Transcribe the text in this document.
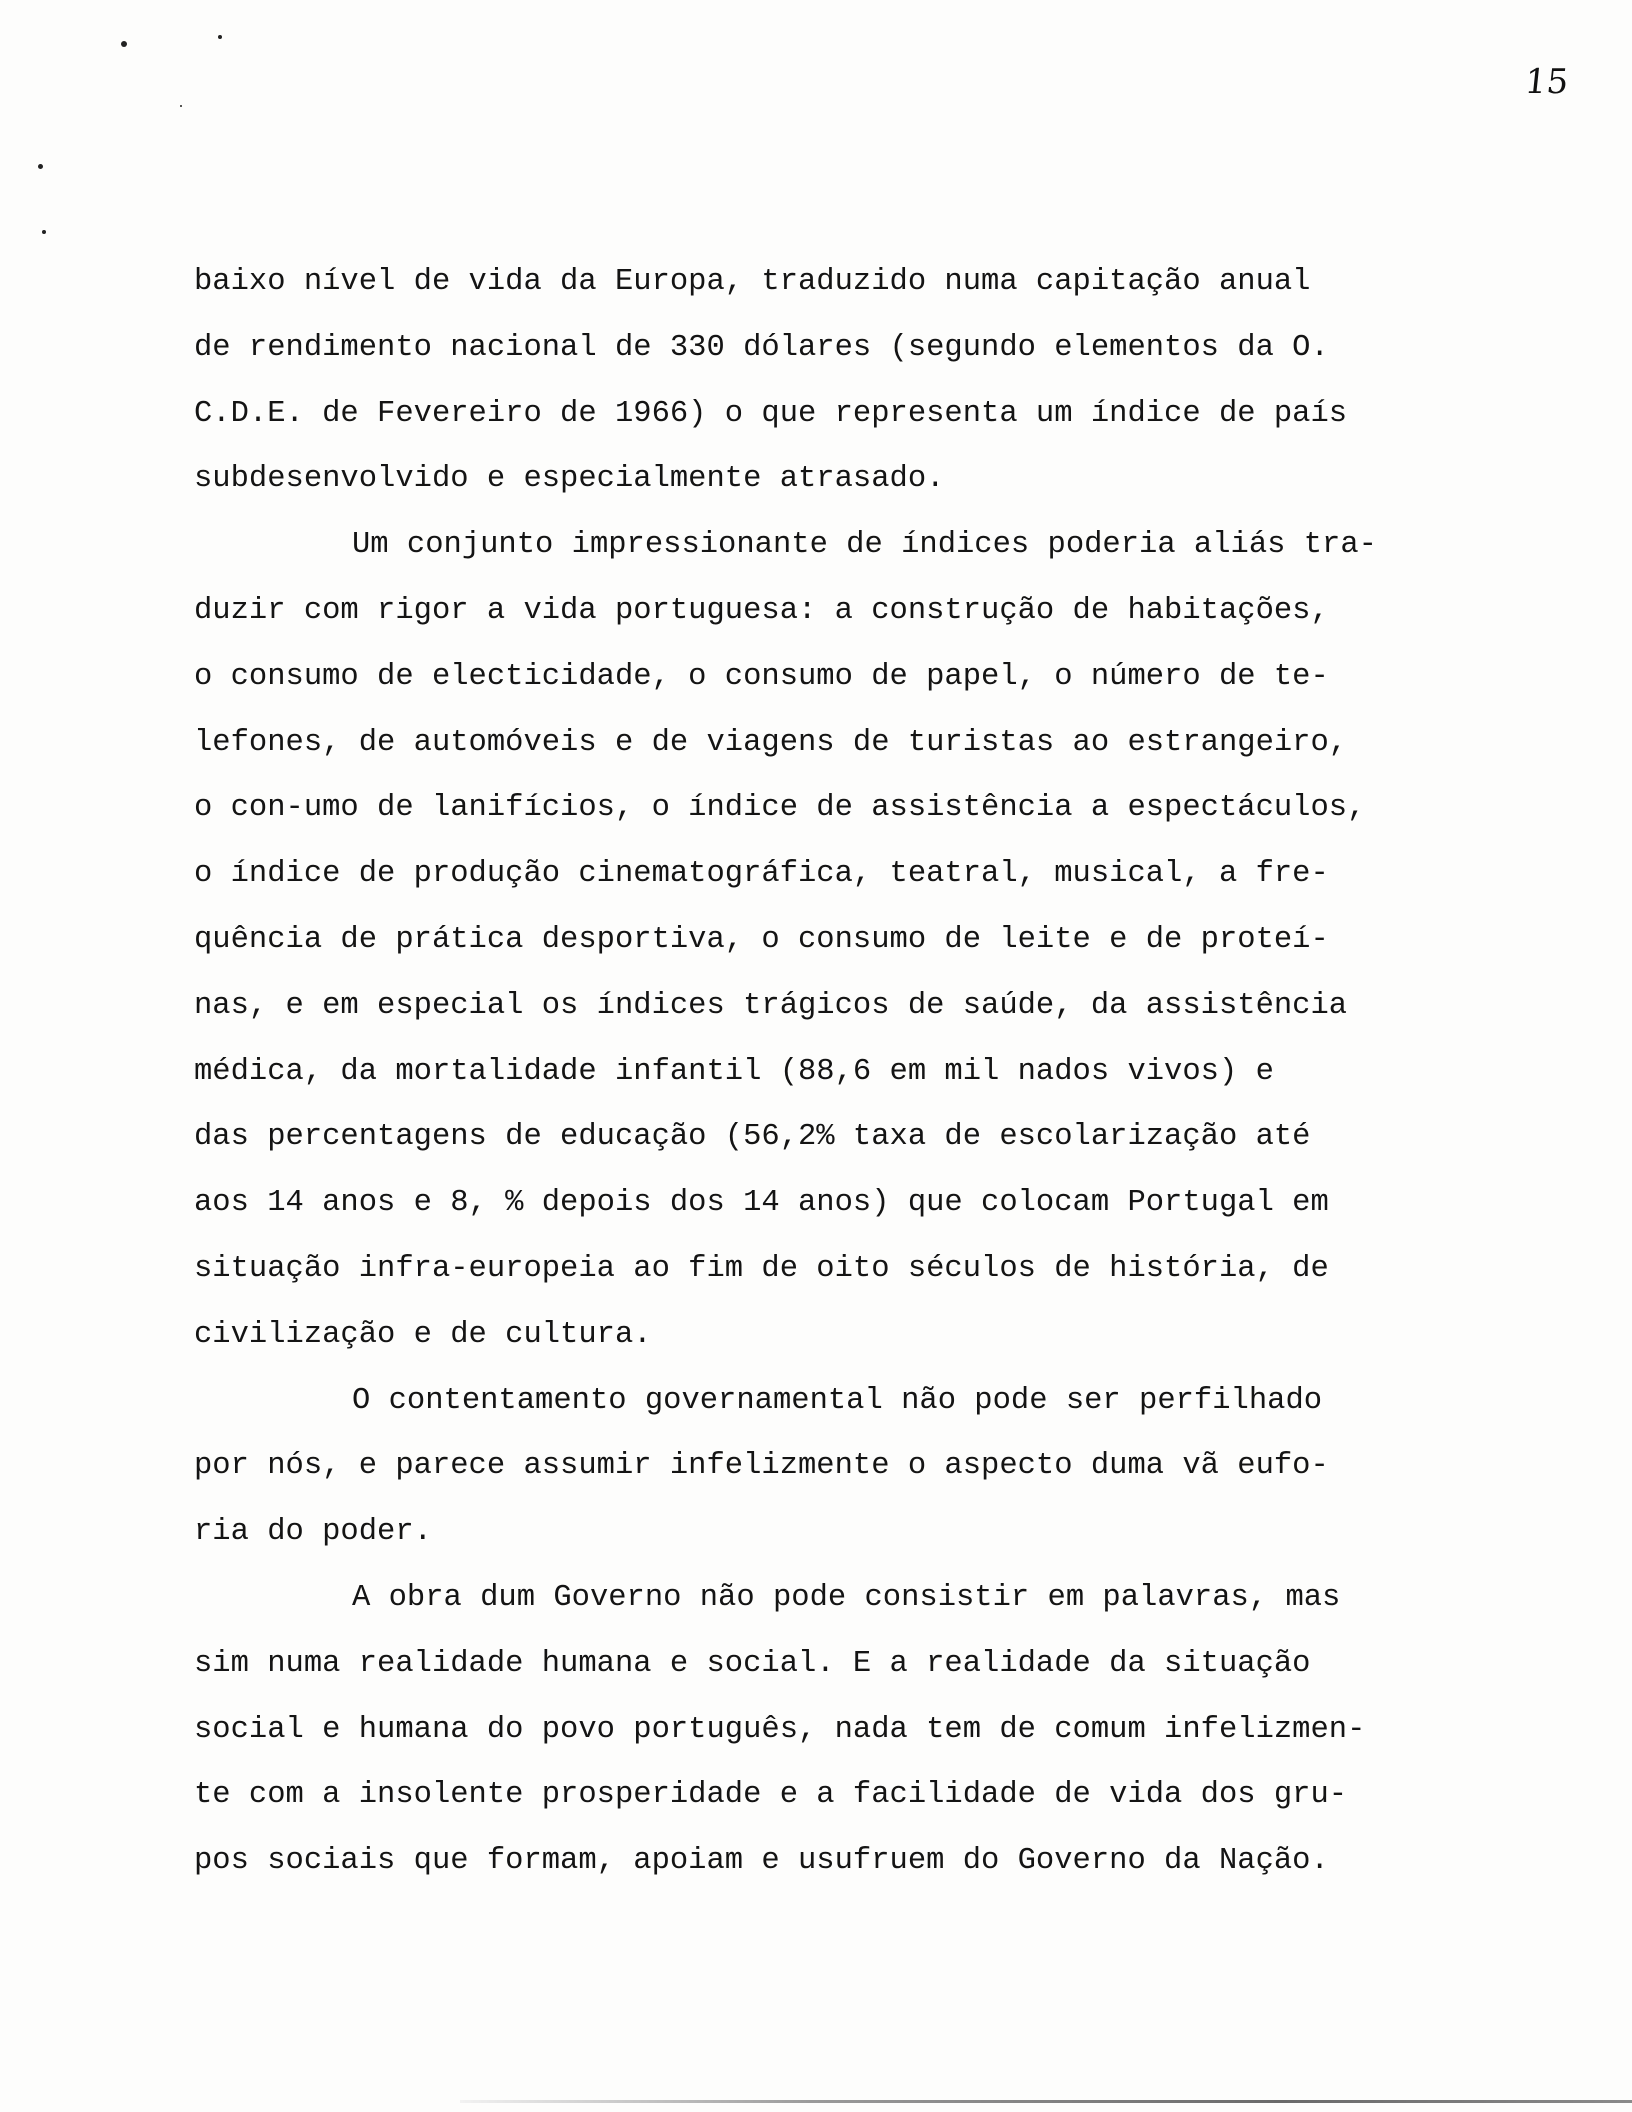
15
baixo nível de vida da Europa, traduzido numa capitação anual
de rendimento nacional de 330 dólares (segundo elementos da O.
C.D.E. de Fevereiro de 1966) o que representa um índice de país
subdesenvolvido e especialmente atrasado.
Um conjunto impressionante de índices poderia aliás tra-
duzir com rigor a vida portuguesa: a construção de habitações,
o consumo de electicidade, o consumo de papel, o número de te-
lefones, de automóveis e de viagens de turistas ao estrangeiro,
o con-umo de lanifícios, o índice de assistência a espectáculos,
o índice de produção cinematográfica, teatral, musical, a fre-
quência de prática desportiva, o consumo de leite e de proteí-
nas, e em especial os índices trágicos de saúde, da assistência
médica, da mortalidade infantil (88,6 em mil nados vivos) e
das percentagens de educação (56,2% taxa de escolarização até
aos 14 anos e 8, % depois dos 14 anos) que colocam Portugal em
situação infra-europeia ao fim de oito séculos de história, de
civilização e de cultura.
O contentamento governamental não pode ser perfilhado
por nós, e parece assumir infelizmente o aspecto duma vã eufo-
ria do poder.
A obra dum Governo não pode consistir em palavras, mas
sim numa realidade humana e social. E a realidade da situação
social e humana do povo português, nada tem de comum infelizmen-
te com a insolente prosperidade e a facilidade de vida dos gru-
pos sociais que formam, apoiam e usufruem do Governo da Nação.
